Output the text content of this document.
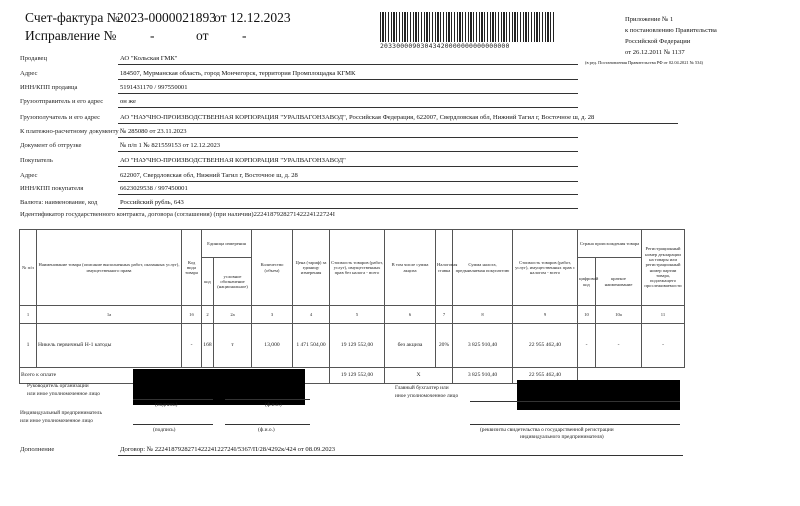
Счет-фактура №
2023-0000021893
от 12.12.2023
Исправление № -	от -
20330000903043420000000000000000
Приложение № 1
к постановлению Правительства
Российской Федерации
от 26.12.2011 № 1137
(в ред. Постановления Правительства РФ от 02.04.2021 № 534)
Продавец	АО "Кольская ГМК"
Адрес	184507, Мурманская область, город Мончегорск, территория Промплощадка КГМК
ИНН/КПП продавца	5191431170 / 997550001
Грузоотправитель и его адрес	он же
Грузополучатель и его адрес	АО "НАУЧНО-ПРОИЗВОДСТВЕННАЯ КОРПОРАЦИЯ "УРАЛВАГОНЗАВОД", Российская Федерация, 622007, Свердловская обл, Нижний Тагил г, Восточное ш, д. 28
К платежно-расчетному документу № 285080 от 23.11.2023
Документ об отгрузке	№ п/п 1 № 821559153 от 12.12.2023
Покупатель	АО "НАУЧНО-ПРОИЗВОДСТВЕННАЯ КОРПОРАЦИЯ "УРАЛВАГОНЗАВОД"
Адрес	622007, Свердловская обл, Нижний Тагил г, Восточное ш, д. 28
ИНН/КПП покупателя	6623029538 / 997450001
Валюта: наименование, код	Российский рубль, 643
Идентификатор государственного контракта, договора (соглашения) (при наличии)222418792827142224122724I
№ п/п	Наименование товара (описание выполненных работ, оказанных услуг), имущественного права	Код вида товара	Единица измерения		Количество (объем)	Цена (тариф) за единицу измерения	Стоимость товаров (работ, услуг), имущественных прав без налога - всего	В том числе сумма акциза	Налоговая ставка	Сумма налога, предъявляемая покупателю	Стоимость товаров (работ, услуг), имущественных прав с налогом - всего	Страна происхождения товара		Регистрационный номер декларации на товары или регистрационный номер партии товара, подлежащего прослеживаемости
			код	условное обозначение (национальное)								цифровой код	краткое наименование	
1	1а	1б	2	2а	3	4	5	6	7	8	9	10	10а	11
1	Никель первичный Н-1 катоды	-	168	т	13,000	1 471 504,00	19 129 552,00	без акциза	20%	3 825 910,40	22 955 462,40	-	-	-
Всего к оплате							19 129 552,00	X		3 825 910,40	22 955 462,40			
Руководитель организации
или иное уполномоченное лицо
(подпись)	(ф.и.о.)
Главный бухгалтер или
иное уполномоченное лицо
Индивидуальный предприниматель
или иное уполномоченное лицо
(подпись)	(ф.и.о.)	(реквизиты свидетельства о государственной регистрации
индивидуального предпринимателя)
Дополнение	Договор: № 222418792827142224122724I/5367/П/28/4292к/424 от 08.09.2023
